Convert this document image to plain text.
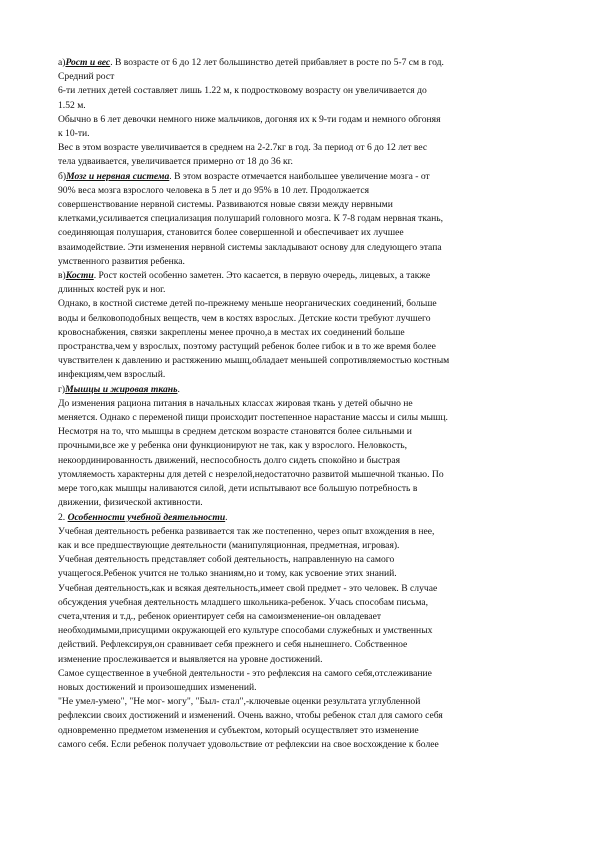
а)Рост и вес. В возрасте от 6 до 12 лет большинство детей прибавляет в росте по 5-7 см в год.
Средний рост
6-ти летних детей составляет лишь 1.22 м, к подростковому возрасту он увеличивается до
1.52 м.
Обычно в 6 лет девочки немного ниже мальчиков, догоняя их к 9-ти годам и немного обгоняя
к 10-ти.
Вес в этом возрасте увеличивается в среднем на 2-2.7кг в год. За период от 6 до 12 лет вес
тела удваивается, увеличивается примерно от 18 до 36 кг.
б)Мозг и нервная система. В этом возрасте отмечается наибольшее увеличение мозга - от
90% веса мозга взрослого человека в 5 лет и до 95% в 10 лет. Продолжается
совершенствование нервной системы. Развиваются новые связи между нервными
клетками,усиливается специализация полушарий головного мозга. К 7-8 годам нервная ткань,
соединяющая полушария, становится более совершенной и обеспечивает их лучшее
взаимодействие. Эти изменения нервной системы закладывают основу для следующего этапа
умственного развития ребенка.
в)Кости. Рост костей особенно заметен. Это касается, в первую очередь, лицевых, а также
длинных костей рук и ног.
Однако, в костной системе детей по-прежнему меньше неорганических соединений, больше
воды и белковоподобных веществ, чем в костях взрослых. Детские кости требуют лучшего
кровоснабжения, связки закреплены менее прочно,а в местах их соединений больше
пространства,чем у взрослых, поэтому растущий ребенок более гибок и в то же время более
чувствителен к давлению и растяжению мышц,обладает меньшей сопротивляемостью костным
инфекциям,чем взрослый.
г)Мышцы и жировая ткань.
До изменения рациона питания в начальных классах жировая ткань у детей обычно не
меняется. Однако с переменой пищи происходит постепенное нарастание массы и силы мышц.
Несмотря на то, что мышцы в среднем детском возрасте становятся более сильными и
прочными,все же у ребенка они функционируют не так, как у взрослого. Неловкость,
некоординированность движений, неспособность долго сидеть спокойно и быстрая
утомляемость характерны для детей с незрелой,недостаточно развитой мышечной тканью. По
мере того,как мышцы наливаются силой, дети испытывают все большую потребность в
движении, физической активности.
2. Особенности учебной деятельности.
Учебная деятельность ребенка развивается так же постепенно, через опыт вхождения в нее,
как и все предшествующие деятельности (манипуляционная, предметная, игровая).
Учебная деятельность представляет собой деятельность, направленную на самого
учащегося.Ребенок учится не только знаниям,но и тому, как усвоение этих знаний.
Учебная деятельность,как и всякая деятельность,имеет свой предмет - это человек. В случае
обсуждения учебная деятельность младшего школьника-ребенок. Учась способам письма,
счета,чтения и т.д., ребенок ориентирует себя на самоизменение-он овладевает
необходимыми,присущими окружающей его культуре способами служебных и умственных
действий. Рефлексируя,он сравнивает себя прежнего и себя нынешнего. Собственное
изменение прослеживается и выявляется на уровне достижений.
Самое существенное в учебной деятельности - это рефлексия на самого себя,отслеживание
новых достижений и произошедших изменений.
"Не умел-умею", "Не мог- могу", "Был- стал",-ключевые оценки результата углубленной
рефлексии своих достижений и изменений. Очень важно, чтобы ребенок стал для самого себя
одновременно предметом изменения и субъектом, который осуществляет это изменение
самого себя. Если ребенок получает удовольствие от рефлексии на свое восхождение к более
